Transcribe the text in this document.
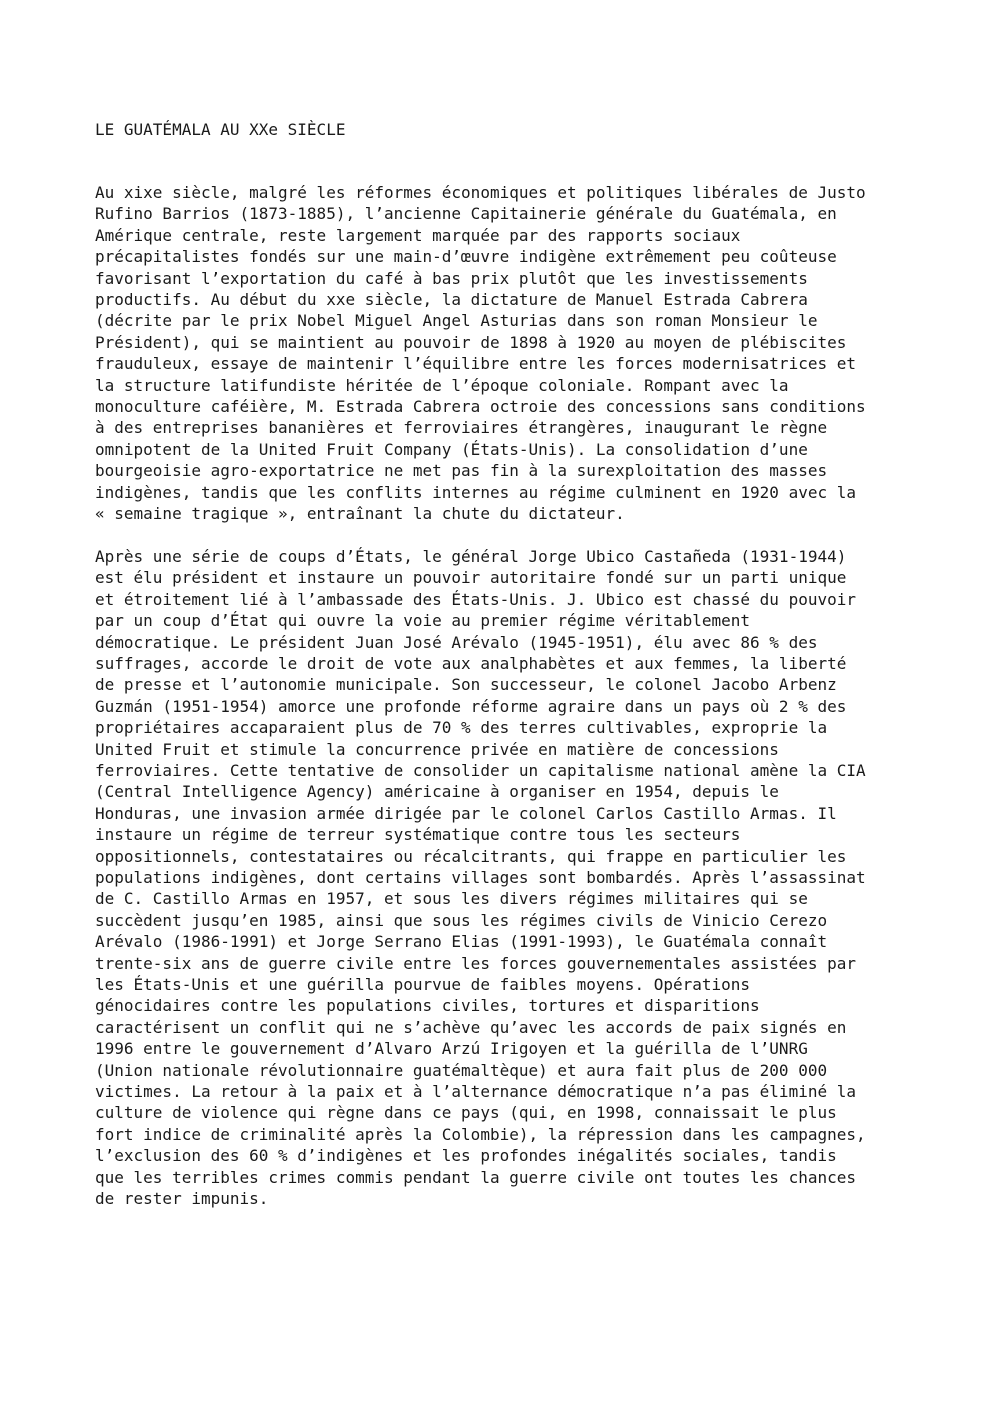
LE GUATÉMALA AU XXe SIÈCLE
Au xixe siècle, malgré les réformes économiques et politiques libérales de Justo
Rufino Barrios (1873-1885), l’ancienne Capitainerie générale du Guatémala, en
Amérique centrale, reste largement marquée par des rapports sociaux
précapitalistes fondés sur une main-d’œuvre indigène extrêmement peu coûteuse
favorisant l’exportation du café à bas prix plutôt que les investissements
productifs. Au début du xxe siècle, la dictature de Manuel Estrada Cabrera
(décrite par le prix Nobel Miguel Angel Asturias dans son roman Monsieur le
Président), qui se maintient au pouvoir de 1898 à 1920 au moyen de plébiscites
frauduleux, essaye de maintenir l’équilibre entre les forces modernisatrices et
la structure latifundiste héritée de l’époque coloniale. Rompant avec la
monoculture caféière, M. Estrada Cabrera octroie des concessions sans conditions
à des entreprises bananières et ferroviaires étrangères, inaugurant le règne
omnipotent de la United Fruit Company (États-Unis). La consolidation d’une
bourgeoisie agro-exportatrice ne met pas fin à la surexploitation des masses
indigènes, tandis que les conflits internes au régime culminent en 1920 avec la
« semaine tragique », entraînant la chute du dictateur.
Après une série de coups d’États, le général Jorge Ubico Castañeda (1931-1944)
est élu président et instaure un pouvoir autoritaire fondé sur un parti unique
et étroitement lié à l’ambassade des États-Unis. J. Ubico est chassé du pouvoir
par un coup d’État qui ouvre la voie au premier régime véritablement
démocratique. Le président Juan José Arévalo (1945-1951), élu avec 86 % des
suffrages, accorde le droit de vote aux analphabètes et aux femmes, la liberté
de presse et l’autonomie municipale. Son successeur, le colonel Jacobo Arbenz
Guzmán (1951-1954) amorce une profonde réforme agraire dans un pays où 2 % des
propriétaires accaparaient plus de 70 % des terres cultivables, exproprie la
United Fruit et stimule la concurrence privée en matière de concessions
ferroviaires. Cette tentative de consolider un capitalisme national amène la CIA
(Central Intelligence Agency) américaine à organiser en 1954, depuis le
Honduras, une invasion armée dirigée par le colonel Carlos Castillo Armas. Il
instaure un régime de terreur systématique contre tous les secteurs
oppositionnels, contestataires ou récalcitrants, qui frappe en particulier les
populations indigènes, dont certains villages sont bombardés. Après l’assassinat
de C. Castillo Armas en 1957, et sous les divers régimes militaires qui se
succèdent jusqu’en 1985, ainsi que sous les régimes civils de Vinicio Cerezo
Arévalo (1986-1991) et Jorge Serrano Elias (1991-1993), le Guatémala connaît
trente-six ans de guerre civile entre les forces gouvernementales assistées par
les États-Unis et une guérilla pourvue de faibles moyens. Opérations
génocidaires contre les populations civiles, tortures et disparitions
caractérisent un conflit qui ne s’achève qu’avec les accords de paix signés en
1996 entre le gouvernement d’Alvaro Arzú Irigoyen et la guérilla de l’UNRG
(Union nationale révolutionnaire guatémaltèque) et aura fait plus de 200 000
victimes. La retour à la paix et à l’alternance démocratique n’a pas éliminé la
culture de violence qui règne dans ce pays (qui, en 1998, connaissait le plus
fort indice de criminalité après la Colombie), la répression dans les campagnes,
l’exclusion des 60 % d’indigènes et les profondes inégalités sociales, tandis
que les terribles crimes commis pendant la guerre civile ont toutes les chances
de rester impunis.
